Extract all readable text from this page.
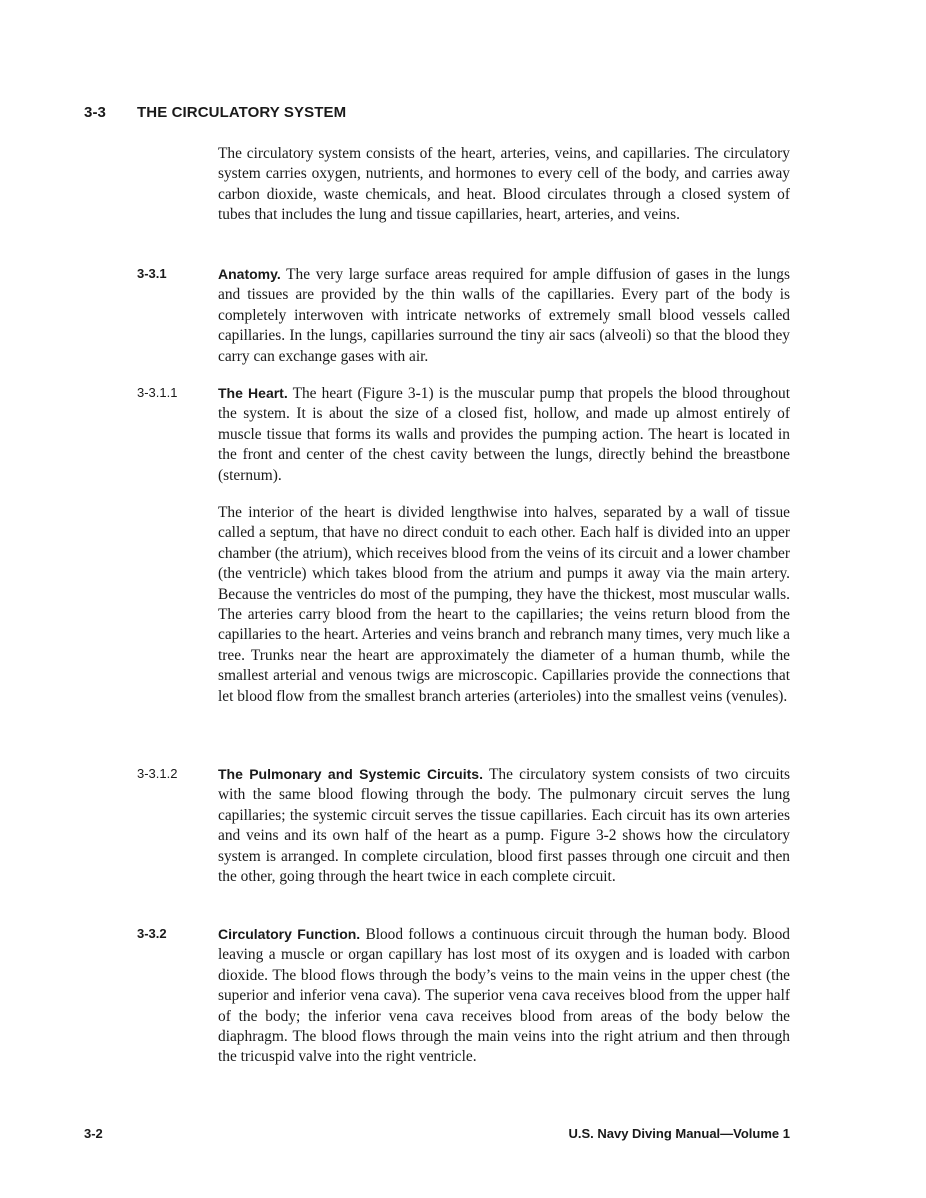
3-3 THE CIRCULATORY SYSTEM

The circulatory system consists of the heart, arteries, veins, and capillaries. The circulatory system carries oxygen, nutrients, and hormones to every cell of the body, and carries away carbon dioxide, waste chemicals, and heat. Blood circulates through a closed system of tubes that includes the lung and tissue capillaries, heart, arteries, and veins.

3-3.1	Anatomy. The very large surface areas required for ample diffusion of gases in the lungs and tissues are provided by the thin walls of the capillaries. Every part of the body is completely interwoven with intricate networks of extremely small blood vessels called capillaries. In the lungs, capillaries surround the tiny air sacs (alveoli) so that the blood they carry can exchange gases with air.

3-3.1.1	The Heart. The heart (Figure 3-1) is the muscular pump that propels the blood throughout the system. It is about the size of a closed fist, hollow, and made up almost entirely of muscle tissue that forms its walls and provides the pumping action. The heart is located in the front and center of the chest cavity between the lungs, directly behind the breastbone (sternum).

The interior of the heart is divided lengthwise into halves, separated by a wall of tissue called a septum, that have no direct conduit to each other. Each half is divided into an upper chamber (the atrium), which receives blood from the veins of its circuit and a lower chamber (the ventricle) which takes blood from the atrium and pumps it away via the main artery. Because the ventricles do most of the pumping, they have the thickest, most muscular walls. The arteries carry blood from the heart to the capillaries; the veins return blood from the capillaries to the heart. Arteries and veins branch and rebranch many times, very much like a tree. Trunks near the heart are approximately the diameter of a human thumb, while the smallest arterial and venous twigs are microscopic. Capillaries provide the connections that let blood flow from the smallest branch arteries (arterioles) into the smallest veins (venules).

3-3.1.2	The Pulmonary and Systemic Circuits. The circulatory system consists of two circuits with the same blood flowing through the body. The pulmonary circuit serves the lung capillaries; the systemic circuit serves the tissue capillaries. Each circuit has its own arteries and veins and its own half of the heart as a pump. Figure 3-2 shows how the circulatory system is arranged. In complete circulation, blood first passes through one circuit and then the other, going through the heart twice in each complete circuit.

3-3.2	Circulatory Function. Blood follows a continuous circuit through the human body. Blood leaving a muscle or organ capillary has lost most of its oxygen and is loaded with carbon dioxide. The blood flows through the body’s veins to the main veins in the upper chest (the superior and inferior vena cava). The superior vena cava receives blood from the upper half of the body; the inferior vena cava receives blood from areas of the body below the diaphragm. The blood flows through the main veins into the right atrium and then through the tricuspid valve into the right ventricle.

3-2	U.S. Navy Diving Manual—Volume 1
